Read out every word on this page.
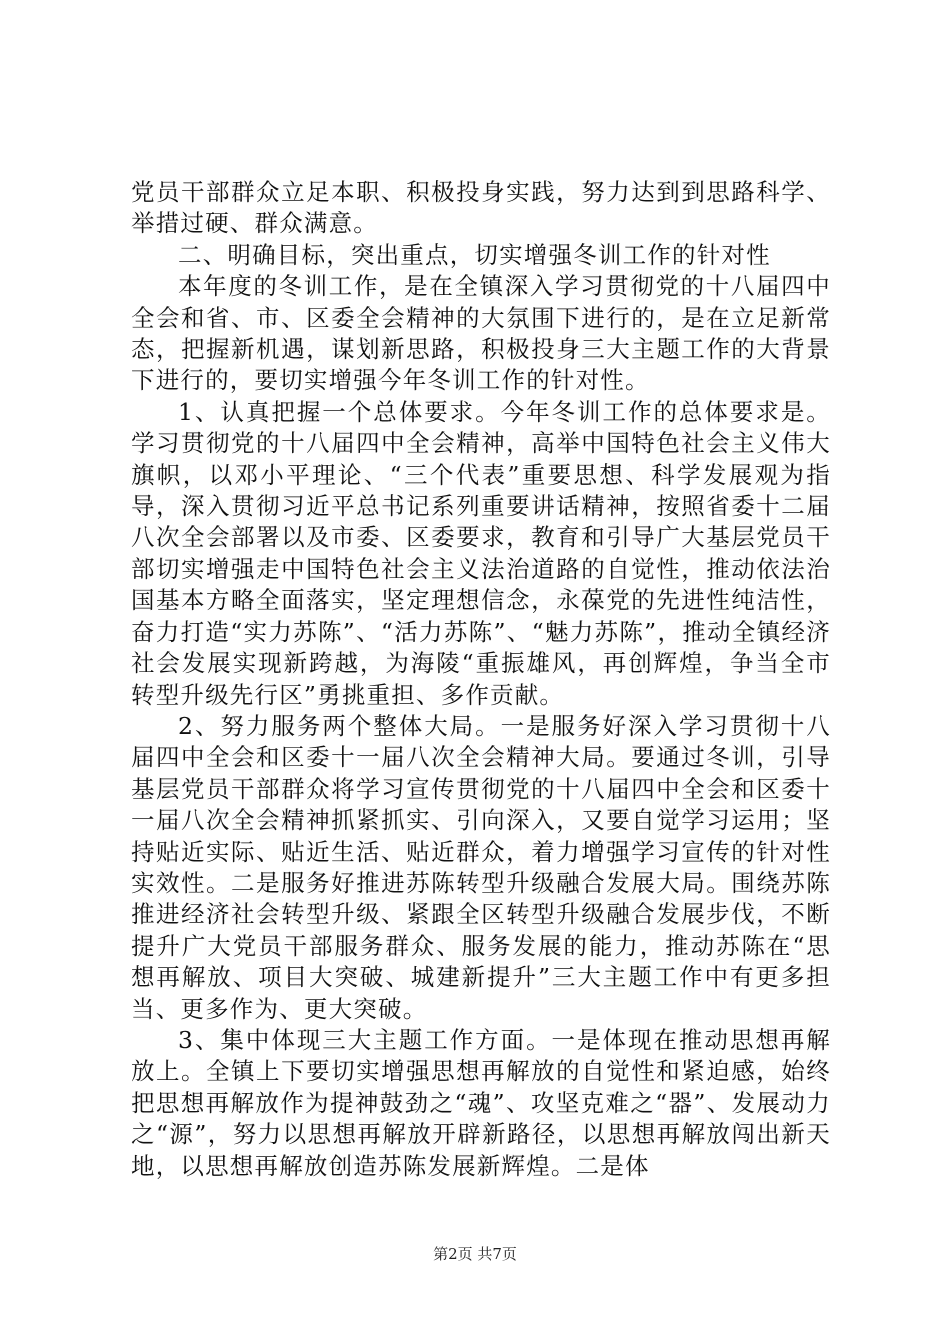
党员干部群众立足本职、积极投身实践，努力达到到思路科学、举措过硬、群众满意。

二、明确目标，突出重点，切实增强冬训工作的针对性

本年度的冬训工作，是在全镇深入学习贯彻党的十八届四中全会和省、市、区委全会精神的大氛围下进行的，是在立足新常态，把握新机遇，谋划新思路，积极投身三大主题工作的大背景下进行的，要切实增强今年冬训工作的针对性。

1、认真把握一个总体要求。今年冬训工作的总体要求是。学习贯彻党的十八届四中全会精神，高举中国特色社会主义伟大旗帜，以邓小平理论、“三个代表”重要思想、科学发展观为指导，深入贯彻习近平总书记系列重要讲话精神，按照省委十二届八次全会部署以及市委、区委要求，教育和引导广大基层党员干部切实增强走中国特色社会主义法治道路的自觉性，推动依法治国基本方略全面落实，坚定理想信念，永葆党的先进性纯洁性，奋力打造“实力苏陈”、“活力苏陈”、“魅力苏陈”，推动全镇经济社会发展实现新跨越，为海陵“重振雄风，再创辉煌，争当全市转型升级先行区”勇挑重担、多作贡献。

2、努力服务两个整体大局。一是服务好深入学习贯彻十八届四中全会和区委十一届八次全会精神大局。要通过冬训，引导基层党员干部群众将学习宣传贯彻党的十八届四中全会和区委十一届八次全会精神抓紧抓实、引向深入，又要自觉学习运用；坚持贴近实际、贴近生活、贴近群众，着力增强学习宣传的针对性实效性。二是服务好推进苏陈转型升级融合发展大局。围绕苏陈推进经济社会转型升级、紧跟全区转型升级融合发展步伐，不断提升广大党员干部服务群众、服务发展的能力，推动苏陈在“思想再解放、项目大突破、城建新提升”三大主题工作中有更多担当、更多作为、更大突破。

3、集中体现三大主题工作方面。一是体现在推动思想再解放上。全镇上下要切实增强思想再解放的自觉性和紧迫感，始终把思想再解放作为提神鼓劲之“魂”、攻坚克难之“器”、发展动力之“源”，努力以思想再解放开辟新路径，以思想再解放闯出新天地，以思想再解放创造苏陈发展新辉煌。二是体

第2页 共7页
